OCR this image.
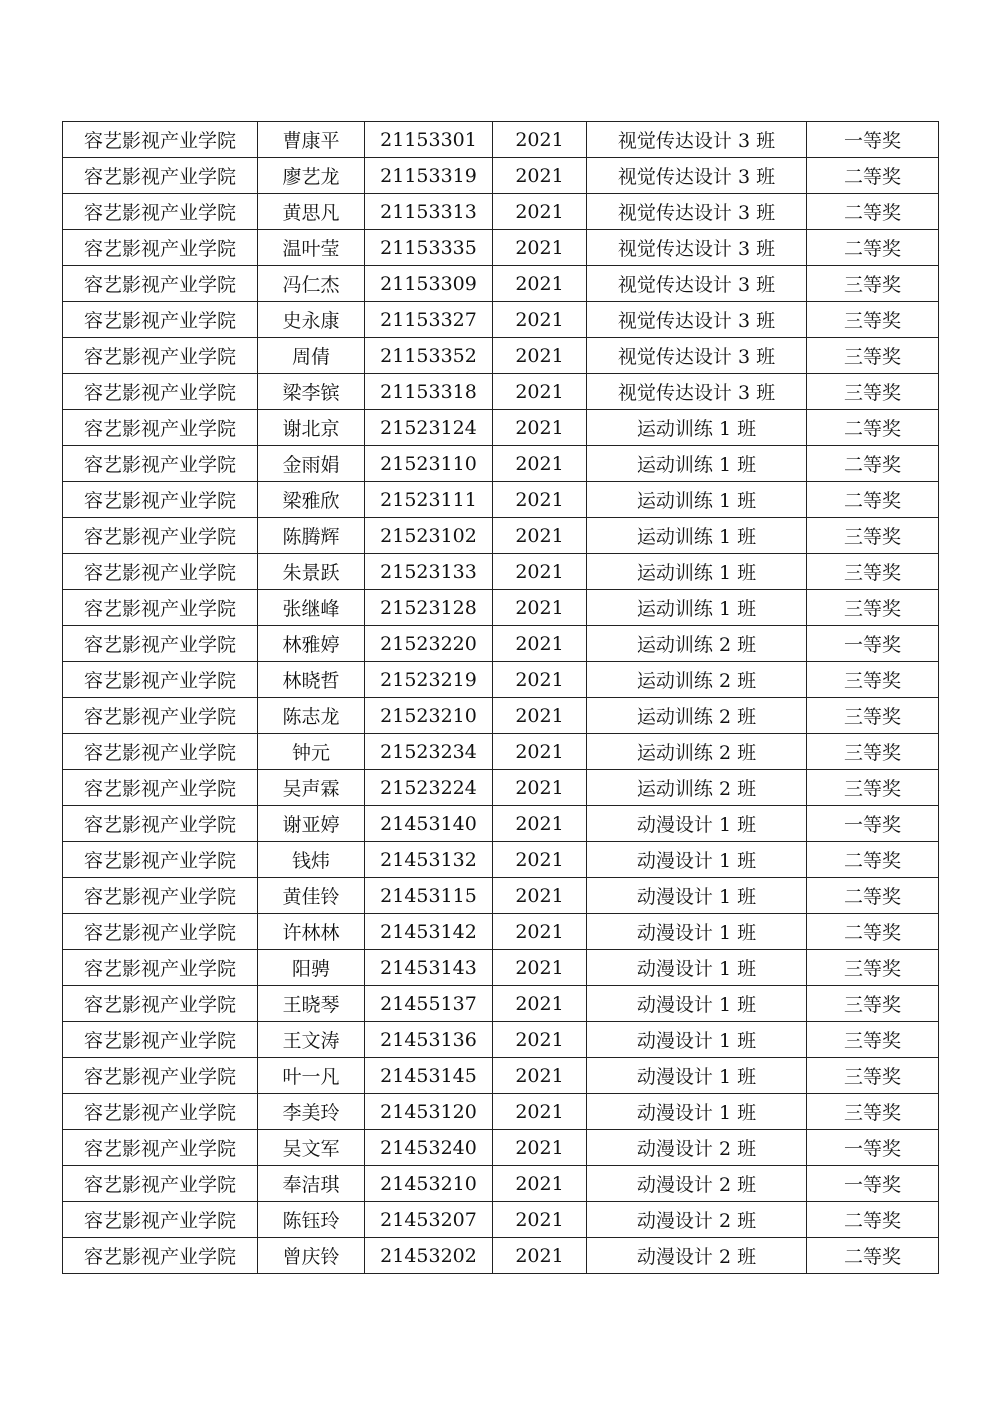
容艺影视产业学院	曹康平	21153301	2021	视觉传达设计 3 班	一等奖
容艺影视产业学院	廖艺龙	21153319	2021	视觉传达设计 3 班	二等奖
容艺影视产业学院	黄思凡	21153313	2021	视觉传达设计 3 班	二等奖
容艺影视产业学院	温叶莹	21153335	2021	视觉传达设计 3 班	二等奖
容艺影视产业学院	冯仁杰	21153309	2021	视觉传达设计 3 班	三等奖
容艺影视产业学院	史永康	21153327	2021	视觉传达设计 3 班	三等奖
容艺影视产业学院	周倩	21153352	2021	视觉传达设计 3 班	三等奖
容艺影视产业学院	梁李镔	21153318	2021	视觉传达设计 3 班	三等奖
容艺影视产业学院	谢北京	21523124	2021	运动训练 1 班	二等奖
容艺影视产业学院	金雨娟	21523110	2021	运动训练 1 班	二等奖
容艺影视产业学院	梁雅欣	21523111	2021	运动训练 1 班	二等奖
容艺影视产业学院	陈腾辉	21523102	2021	运动训练 1 班	三等奖
容艺影视产业学院	朱景跃	21523133	2021	运动训练 1 班	三等奖
容艺影视产业学院	张继峰	21523128	2021	运动训练 1 班	三等奖
容艺影视产业学院	林雅婷	21523220	2021	运动训练 2 班	一等奖
容艺影视产业学院	林晓哲	21523219	2021	运动训练 2 班	三等奖
容艺影视产业学院	陈志龙	21523210	2021	运动训练 2 班	三等奖
容艺影视产业学院	钟元	21523234	2021	运动训练 2 班	三等奖
容艺影视产业学院	吴声霖	21523224	2021	运动训练 2 班	三等奖
容艺影视产业学院	谢亚婷	21453140	2021	动漫设计 1 班	一等奖
容艺影视产业学院	钱炜	21453132	2021	动漫设计 1 班	二等奖
容艺影视产业学院	黄佳铃	21453115	2021	动漫设计 1 班	二等奖
容艺影视产业学院	许林林	21453142	2021	动漫设计 1 班	二等奖
容艺影视产业学院	阳骋	21453143	2021	动漫设计 1 班	三等奖
容艺影视产业学院	王晓琴	21455137	2021	动漫设计 1 班	三等奖
容艺影视产业学院	王文涛	21453136	2021	动漫设计 1 班	三等奖
容艺影视产业学院	叶一凡	21453145	2021	动漫设计 1 班	三等奖
容艺影视产业学院	李美玲	21453120	2021	动漫设计 1 班	三等奖
容艺影视产业学院	吴文军	21453240	2021	动漫设计 2 班	一等奖
容艺影视产业学院	奉洁琪	21453210	2021	动漫设计 2 班	一等奖
容艺影视产业学院	陈钰玲	21453207	2021	动漫设计 2 班	二等奖
容艺影视产业学院	曾庆铃	21453202	2021	动漫设计 2 班	二等奖
